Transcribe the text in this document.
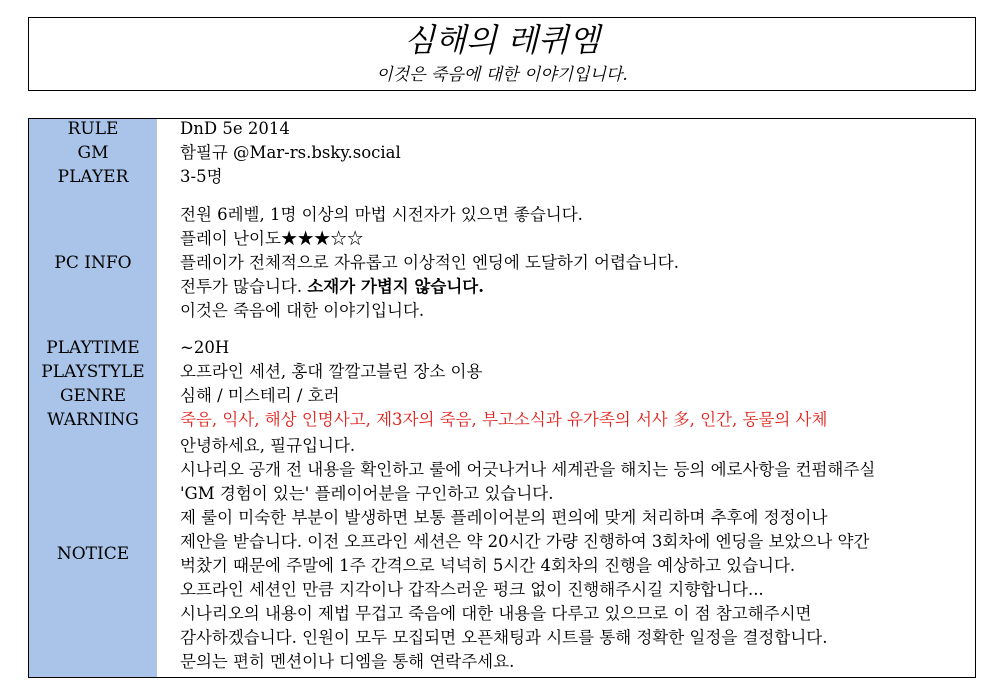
심해의 레퀴엠
이것은 죽음에 대한 이야기입니다.
RULE
GM
PLAYER
PC INFO
PLAYTIME
PLAYSTYLE
GENRE
WARNING
NOTICE
DnD 5e 2014
함필규 @Mar-rs.bsky.social
3-5명
전원 6레벨, 1명 이상의 마법 시전자가 있으면 좋습니다.
플레이 난이도★★★☆☆
플레이가 전체적으로 자유롭고 이상적인 엔딩에 도달하기 어렵습니다.
전투가 많습니다. 소재가 가볍지 않습니다.
이것은 죽음에 대한 이야기입니다.
~20H
오프라인 세션, 홍대 깔깔고블린 장소 이용
심해 / 미스테리 / 호러
죽음, 익사, 해상 인명사고, 제3자의 죽음, 부고소식과 유가족의 서사 多, 인간, 동물의 사체
안녕하세요, 필규입니다.
시나리오 공개 전 내용을 확인하고 룰에 어긋나거나 세계관을 해치는 등의 에로사항을 컨펌해주실
'GM 경험이 있는' 플레이어분을 구인하고 있습니다.
제 룰이 미숙한 부분이 발생하면 보통 플레이어분의 편의에 맞게 처리하며 추후에 정정이나
제안을 받습니다. 이전 오프라인 세션은 약 20시간 가량 진행하여 3회차에 엔딩을 보았으나 약간
벅찼기 때문에 주말에 1주 간격으로 넉넉히 5시간 4회차의 진행을 예상하고 있습니다.
오프라인 세션인 만큼 지각이나 갑작스러운 펑크 없이 진행해주시길 지향합니다...
시나리오의 내용이 제법 무겁고 죽음에 대한 내용을 다루고 있으므로 이 점 참고해주시면
감사하겠습니다. 인원이 모두 모집되면 오픈채팅과 시트를 통해 정확한 일정을 결정합니다.
문의는 편히 멘션이나 디엠을 통해 연락주세요.
